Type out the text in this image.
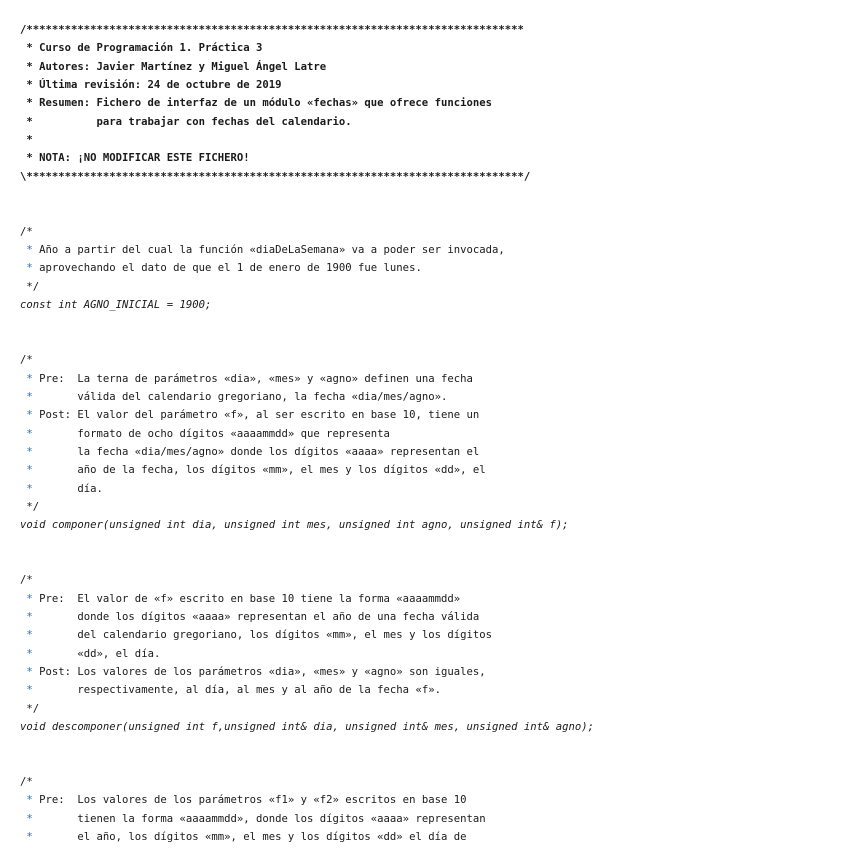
/******************************************************************************
* Curso de Programación 1. Práctica 3
* Autores: Javier Martínez y Miguel Ángel Latre
* Última revisión: 24 de octubre de 2019
* Resumen: Fichero de interfaz de un módulo «fechas» que ofrece funciones
*          para trabajar con fechas del calendario.
*
* NOTA: ¡NO MODIFICAR ESTE FICHERO!
\******************************************************************************/
/*
* Año a partir del cual la función «diaDeLaSemana» va a poder ser invocada,
* aprovechando el dato de que el 1 de enero de 1900 fue lunes.
*/
const int AGNO_INICIAL = 1900;
/*
* Pre:  La terna de parámetros «dia», «mes» y «agno» definen una fecha
*       válida del calendario gregoriano, la fecha «dia/mes/agno».
* Post: El valor del parámetro «f», al ser escrito en base 10, tiene un
*       formato de ocho dígitos «aaaammdd» que representa
*       la fecha «dia/mes/agno» donde los dígitos «aaaa» representan el
*       año de la fecha, los dígitos «mm», el mes y los dígitos «dd», el
*       día.
*/
void componer(unsigned int dia, unsigned int mes, unsigned int agno, unsigned int& f);
/*
* Pre:  El valor de «f» escrito en base 10 tiene la forma «aaaammdd»
*       donde los dígitos «aaaa» representan el año de una fecha válida
*       del calendario gregoriano, los dígitos «mm», el mes y los dígitos
*       «dd», el día.
* Post: Los valores de los parámetros «dia», «mes» y «agno» son iguales,
*       respectivamente, al día, al mes y al año de la fecha «f».
*/
void descomponer(unsigned int f,unsigned int& dia, unsigned int& mes, unsigned int& agno);
/*
* Pre:  Los valores de los parámetros «f1» y «f2» escritos en base 10
*       tienen la forma «aaaammdd», donde los dígitos «aaaa» representan
*       el año, los dígitos «mm», el mes y los dígitos «dd» el día de
